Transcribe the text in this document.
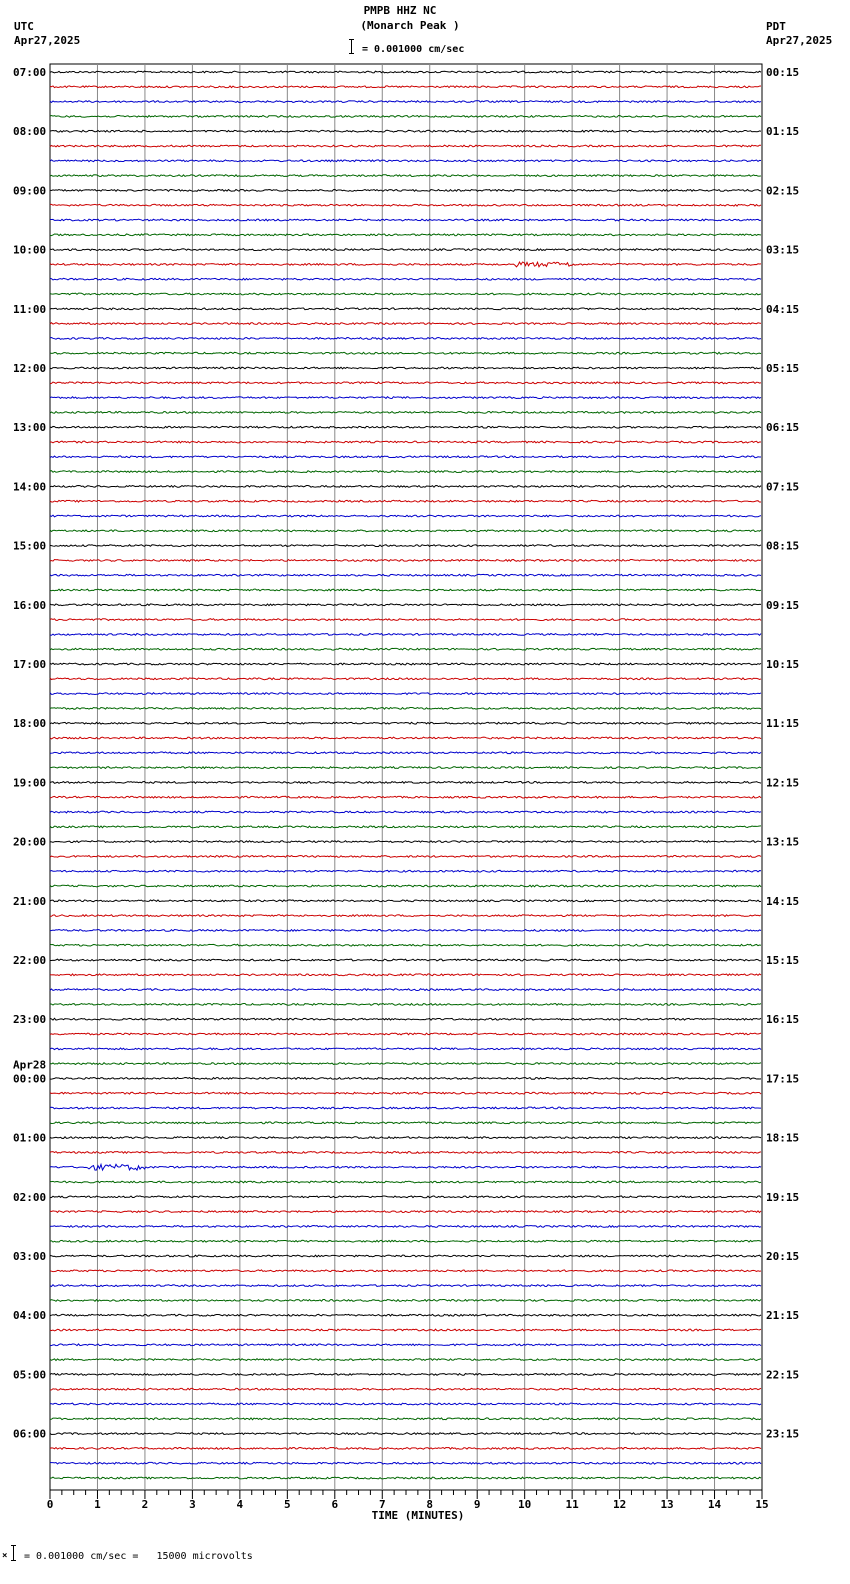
PMPB HHZ NC
(Monarch Peak )
UTC
Apr27,2025
PDT
Apr27,2025
= 0.001000 cm/sec
07:00	00:15
08:00	01:15
09:00	02:15
10:00	03:15
11:00	04:15
12:00	05:15
13:00	06:15
14:00	07:15
15:00	08:15
16:00	09:15
17:00	10:15
18:00	11:15
19:00	12:15
20:00	13:15
21:00	14:15
22:00	15:15
23:00	16:15
00:00	17:15
Apr28
01:00	18:15
02:00	19:15
03:00	20:15
04:00	21:15
05:00	22:15
06:00	23:15
0	1	2	3	4	5	6	7	8	9	10	11	12	13	14	15
TIME (MINUTES)
× = 0.001000 cm/sec =   15000 microvolts
